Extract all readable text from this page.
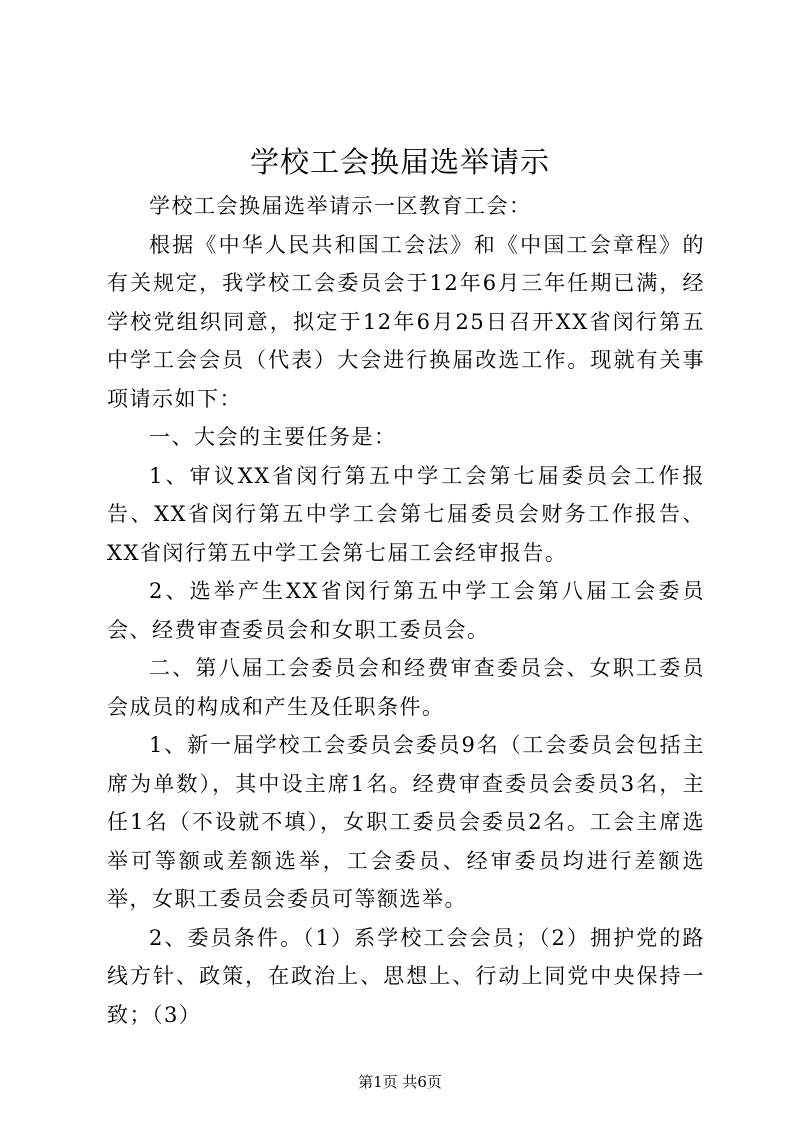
学校工会换届选举请示

学校工会换届选举请示一区教育工会：

根据《中华人民共和国工会法》和《中国工会章程》的有关规定，我学校工会委员会于12年6月三年任期已满，经学校党组织同意，拟定于12年6月25日召开XX省闵行第五中学工会会员（代表）大会进行换届改选工作。现就有关事项请示如下：

一、大会的主要任务是：

1、审议XX省闵行第五中学工会第七届委员会工作报告、XX省闵行第五中学工会第七届委员会财务工作报告、XX省闵行第五中学工会第七届工会经审报告。

2、选举产生XX省闵行第五中学工会第八届工会委员会、经费审查委员会和女职工委员会。

二、第八届工会委员会和经费审查委员会、女职工委员会成员的构成和产生及任职条件。

1、新一届学校工会委员会委员9名（工会委员会包括主席为单数），其中设主席1名。经费审查委员会委员3名，主任1名（不设就不填），女职工委员会委员2名。工会主席选举可等额或差额选举，工会委员、经审委员均进行差额选举，女职工委员会委员可等额选举。

2、委员条件。（1）系学校工会会员；（2）拥护党的路线方针、政策，在政治上、思想上、行动上同党中央保持一致；（3）

第1页 共6页
